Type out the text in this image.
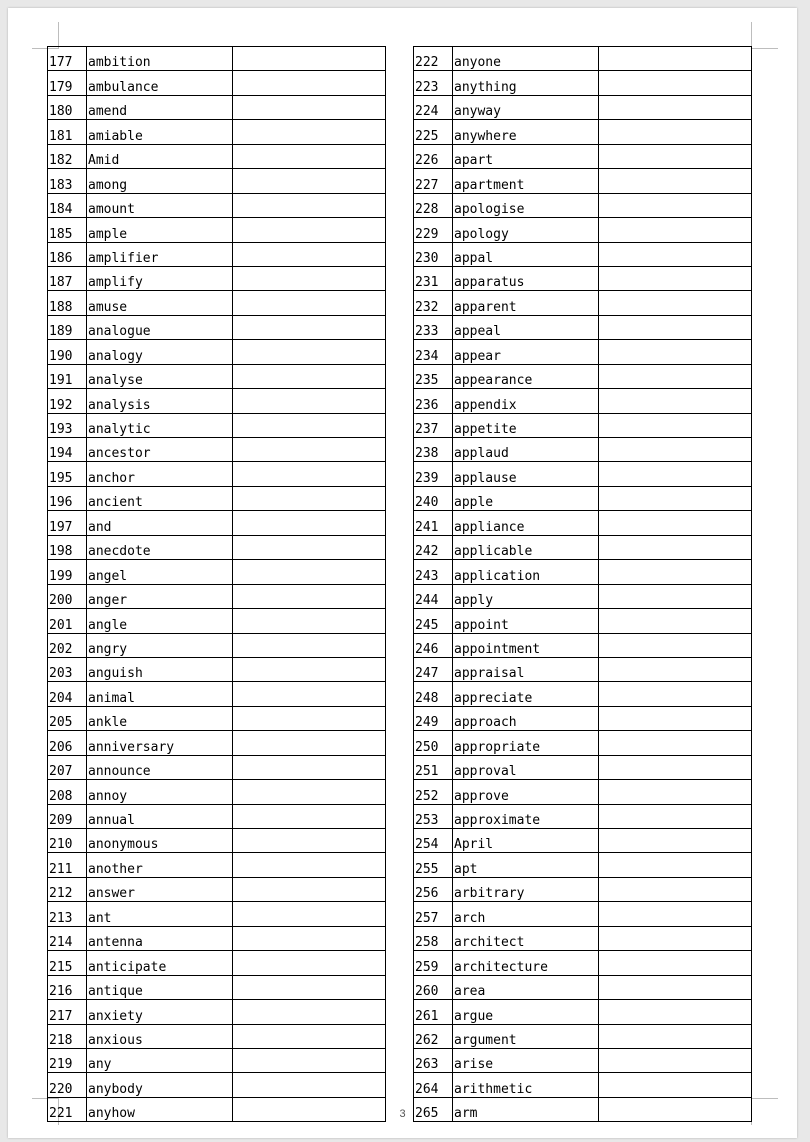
177	ambition	
179	ambulance	
180	amend	
181	amiable	
182	Amid	
183	among	
184	amount	
185	ample	
186	amplifier	
187	amplify	
188	amuse	
189	analogue	
190	analogy	
191	analyse	
192	analysis	
193	analytic	
194	ancestor	
195	anchor	
196	ancient	
197	and	
198	anecdote	
199	angel	
200	anger	
201	angle	
202	angry	
203	anguish	
204	animal	
205	ankle	
206	anniversary	
207	announce	
208	annoy	
209	annual	
210	anonymous	
211	another	
212	answer	
213	ant	
214	antenna	
215	anticipate	
216	antique	
217	anxiety	
218	anxious	
219	any	
220	anybody	
221	anyhow	
222	anyone	
223	anything	
224	anyway	
225	anywhere	
226	apart	
227	apartment	
228	apologise	
229	apology	
230	appal	
231	apparatus	
232	apparent	
233	appeal	
234	appear	
235	appearance	
236	appendix	
237	appetite	
238	applaud	
239	applause	
240	apple	
241	appliance	
242	applicable	
243	application	
244	apply	
245	appoint	
246	appointment	
247	appraisal	
248	appreciate	
249	approach	
250	appropriate	
251	approval	
252	approve	
253	approximate	
254	April	
255	apt	
256	arbitrary	
257	arch	
258	architect	
259	architecture	
260	area	
261	argue	
262	argument	
263	arise	
264	arithmetic	
265	arm	
3
